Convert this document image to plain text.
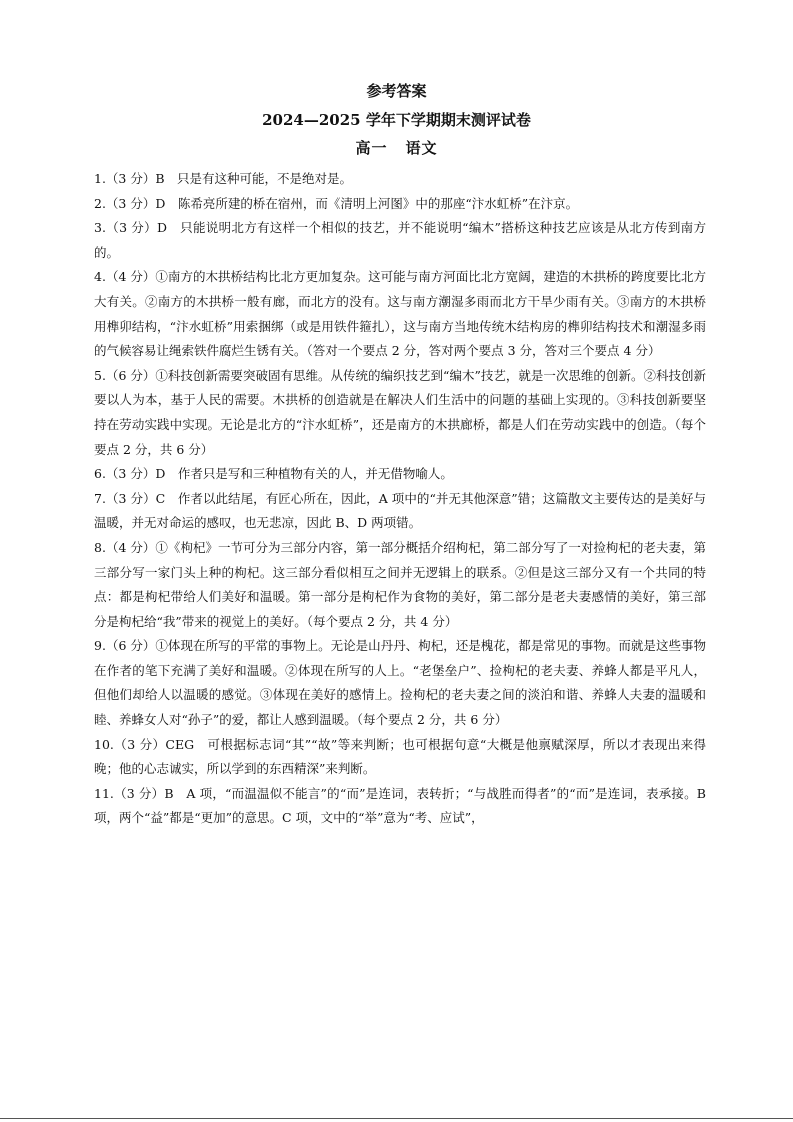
参考答案
2024—2025 学年下学期期末测评试卷
高一 语文

1.（3 分）B　只是有这种可能，不是绝对是。

2.（3 分）D　陈希亮所建的桥在宿州，而《清明上河图》中的那座“汴水虹桥”在汴京。

3.（3 分）D　只能说明北方有这样一个相似的技艺，并不能说明“编木”搭桥这种技艺应该是从北方传到南方的。

4.（4 分）①南方的木拱桥结构比北方更加复杂。这可能与南方河面比北方宽阔，建造的木拱桥的跨度要比北方大有关。②南方的木拱桥一般有廊，而北方的没有。这与南方潮湿多雨而北方干旱少雨有关。③南方的木拱桥用榫卯结构，“汴水虹桥”用索捆绑（或是用铁件箍扎），这与南方当地传统木结构房的榫卯结构技术和潮湿多雨的气候容易让绳索铁件腐烂生锈有关。（答对一个要点 2 分，答对两个要点 3 分，答对三个要点 4 分）

5.（6 分）①科技创新需要突破固有思维。从传统的编织技艺到“编木”技艺，就是一次思维的创新。②科技创新要以人为本，基于人民的需要。木拱桥的创造就是在解决人们生活中的问题的基础上实现的。③科技创新要坚持在劳动实践中实现。无论是北方的“汴水虹桥”，还是南方的木拱廊桥，都是人们在劳动实践中的创造。（每个要点 2 分，共 6 分）

6.（3 分）D　作者只是写和三种植物有关的人，并无借物喻人。

7.（3 分）C　作者以此结尾，有匠心所在，因此，A 项中的“并无其他深意”错；这篇散文主要传达的是美好与温暖，并无对命运的感叹，也无悲凉，因此 B、D 两项错。

8.（4 分）①《枸杞》一节可分为三部分内容，第一部分概括介绍枸杞，第二部分写了一对捡枸杞的老夫妻，第三部分写一家门头上种的枸杞。这三部分看似相互之间并无逻辑上的联系。②但是这三部分又有一个共同的特点：都是枸杞带给人们美好和温暖。第一部分是枸杞作为食物的美好，第二部分是老夫妻感情的美好，第三部分是枸杞给“我”带来的视觉上的美好。（每个要点 2 分，共 4 分）

9.（6 分）①体现在所写的平常的事物上。无论是山丹丹、枸杞，还是槐花，都是常见的事物。而就是这些事物在作者的笔下充满了美好和温暖。②体现在所写的人上。“老堡垒户”、捡枸杞的老夫妻、养蜂人都是平凡人，但他们却给人以温暖的感觉。③体现在美好的感情上。捡枸杞的老夫妻之间的淡泊和谐、养蜂人夫妻的温暖和睦、养蜂女人对“孙子”的爱，都让人感到温暖。（每个要点 2 分，共 6 分）

10.（3 分）CEG　可根据标志词“其”“故”等来判断；也可根据句意“大概是他禀赋深厚，所以才表现出来得晚；他的心志诚实，所以学到的东西精深”来判断。

11.（3 分）B　A 项，“而温温似不能言”的“而”是连词，表转折；“与战胜而得者”的“而”是连词，表承接。B 项，两个“益”都是“更加”的意思。C 项，文中的“举”意为“考、应试”，
